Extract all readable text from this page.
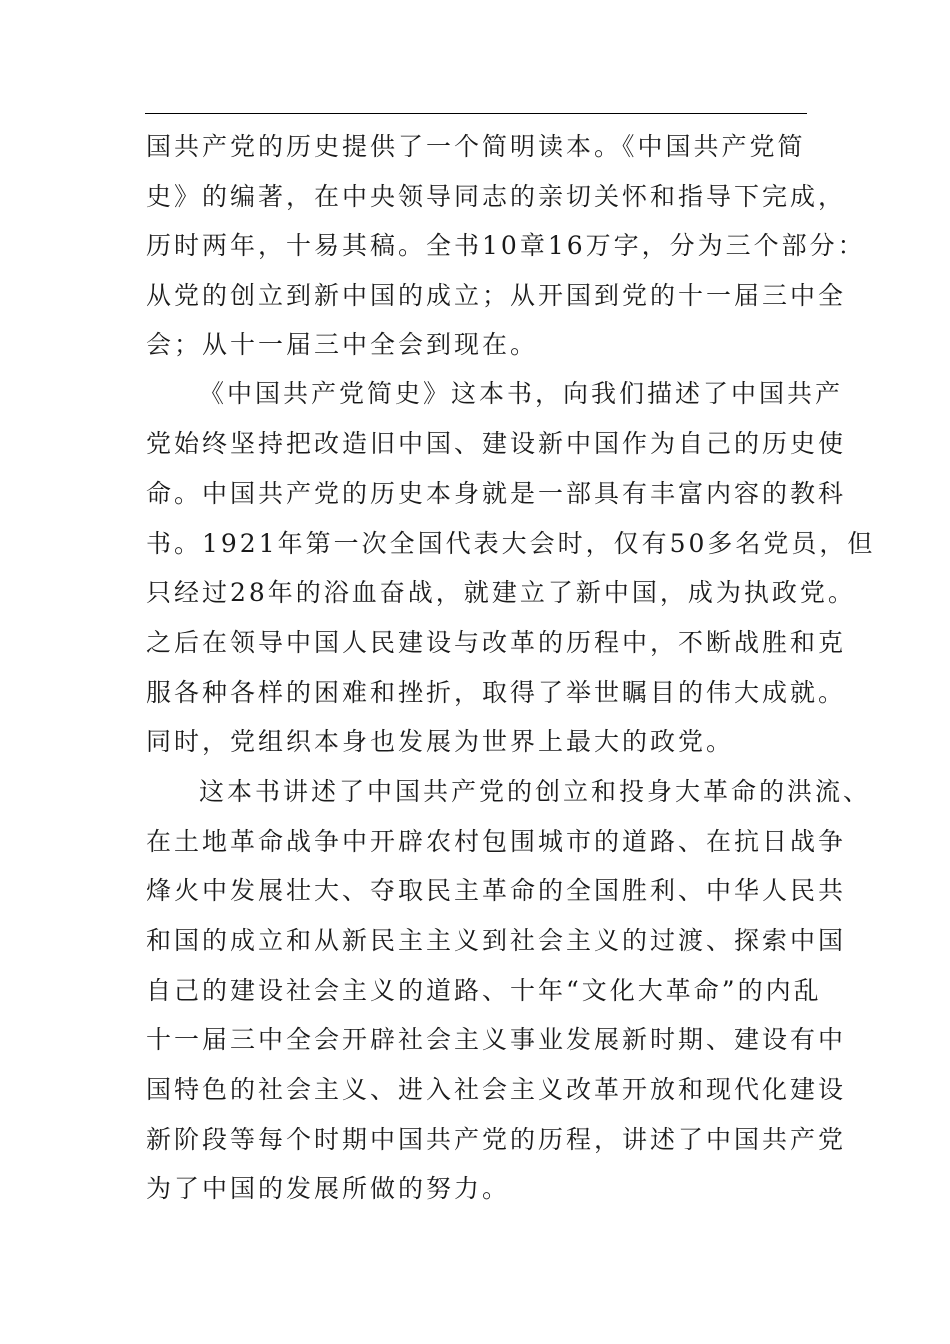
国共产党的历史提供了一个简明读本。《中国共产党简
史》的编著，在中央领导同志的亲切关怀和指导下完成，
历时两年，十易其稿。全书10章16万字，分为三个部分：
从党的创立到新中国的成立；从开国到党的十一届三中全
会；从十一届三中全会到现在。
《中国共产党简史》这本书，向我们描述了中国共产
党始终坚持把改造旧中国、建设新中国作为自己的历史使
命。中国共产党的历史本身就是一部具有丰富内容的教科
书。1921年第一次全国代表大会时，仅有50多名党员，但
只经过28年的浴血奋战，就建立了新中国，成为执政党。
之后在领导中国人民建设与改革的历程中，不断战胜和克
服各种各样的困难和挫折，取得了举世瞩目的伟大成就。
同时，党组织本身也发展为世界上最大的政党。
这本书讲述了中国共产党的创立和投身大革命的洪流、
在土地革命战争中开辟农村包围城市的道路、在抗日战争
烽火中发展壮大、夺取民主革命的全国胜利、中华人民共
和国的成立和从新民主主义到社会主义的过渡、探索中国
自己的建设社会主义的道路、十年“文化大革命”的内乱
十一届三中全会开辟社会主义事业发展新时期、建设有中
国特色的社会主义、进入社会主义改革开放和现代化建设
新阶段等每个时期中国共产党的历程，讲述了中国共产党
为了中国的发展所做的努力。
